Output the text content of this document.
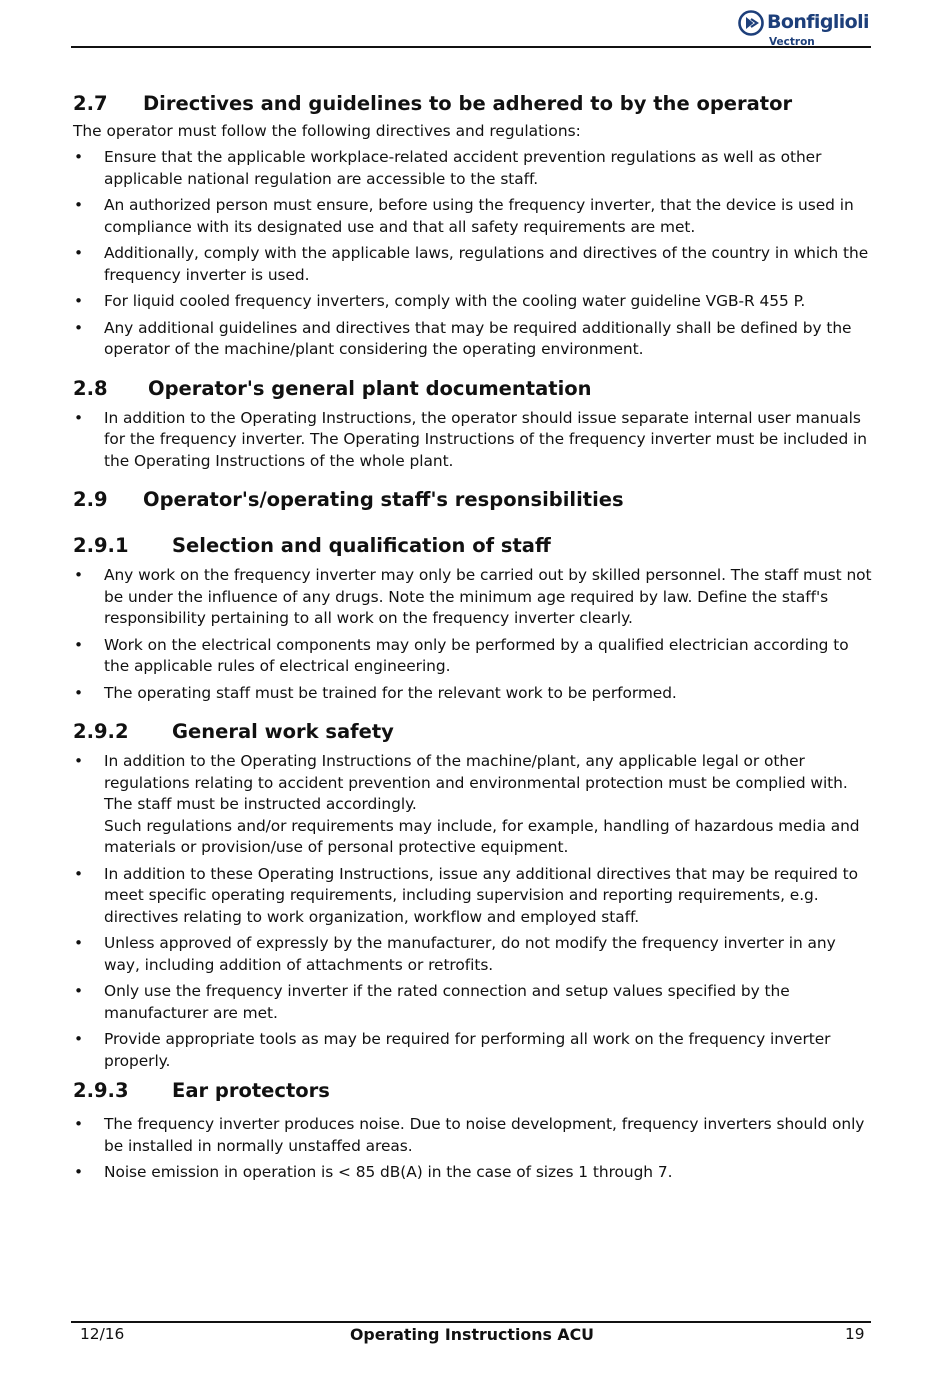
Bonfiglioli
Vectron
2.7	Directives and guidelines to be adhered to by the operator
The operator must follow the following directives and regulations:
• Ensure that the applicable workplace-related accident prevention regulations as well as other applicable national regulation are accessible to the staff.
• An authorized person must ensure, before using the frequency inverter, that the device is used in compliance with its designated use and that all safety requirements are met.
• Additionally, comply with the applicable laws, regulations and directives of the country in which the frequency inverter is used.
• For liquid cooled frequency inverters, comply with the cooling water guideline VGB-R 455 P.
• Any additional guidelines and directives that may be required additionally shall be defined by the operator of the machine/plant considering the operating environment.
2.8	Operator's general plant documentation
• In addition to the Operating Instructions, the operator should issue separate internal user manuals for the frequency inverter. The Operating Instructions of the frequency inverter must be included in the Operating Instructions of the whole plant.
2.9	Operator's/operating staff's responsibilities
2.9.1	Selection and qualification of staff
• Any work on the frequency inverter may only be carried out by skilled personnel. The staff must not be under the influence of any drugs. Note the minimum age required by law. Define the staff's responsibility pertaining to all work on the frequency inverter clearly.
• Work on the electrical components may only be performed by a qualified electrician according to the applicable rules of electrical engineering.
• The operating staff must be trained for the relevant work to be performed.
2.9.2	General work safety
• In addition to the Operating Instructions of the machine/plant, any applicable legal or other regulations relating to accident prevention and environmental protection must be complied with. The staff must be instructed accordingly.
Such regulations and/or requirements may include, for example, handling of hazardous media and materials or provision/use of personal protective equipment.
• In addition to these Operating Instructions, issue any additional directives that may be required to meet specific operating requirements, including supervision and reporting requirements, e.g. directives relating to work organization, workflow and employed staff.
• Unless approved of expressly by the manufacturer, do not modify the frequency inverter in any way, including addition of attachments or retrofits.
• Only use the frequency inverter if the rated connection and setup values specified by the manufacturer are met.
• Provide appropriate tools as may be required for performing all work on the frequency inverter properly.
2.9.3	Ear protectors
• The frequency inverter produces noise. Due to noise development, frequency inverters should only be installed in normally unstaffed areas.
• Noise emission in operation is < 85 dB(A) in the case of sizes 1 through 7.
12/16	Operating Instructions ACU	19
